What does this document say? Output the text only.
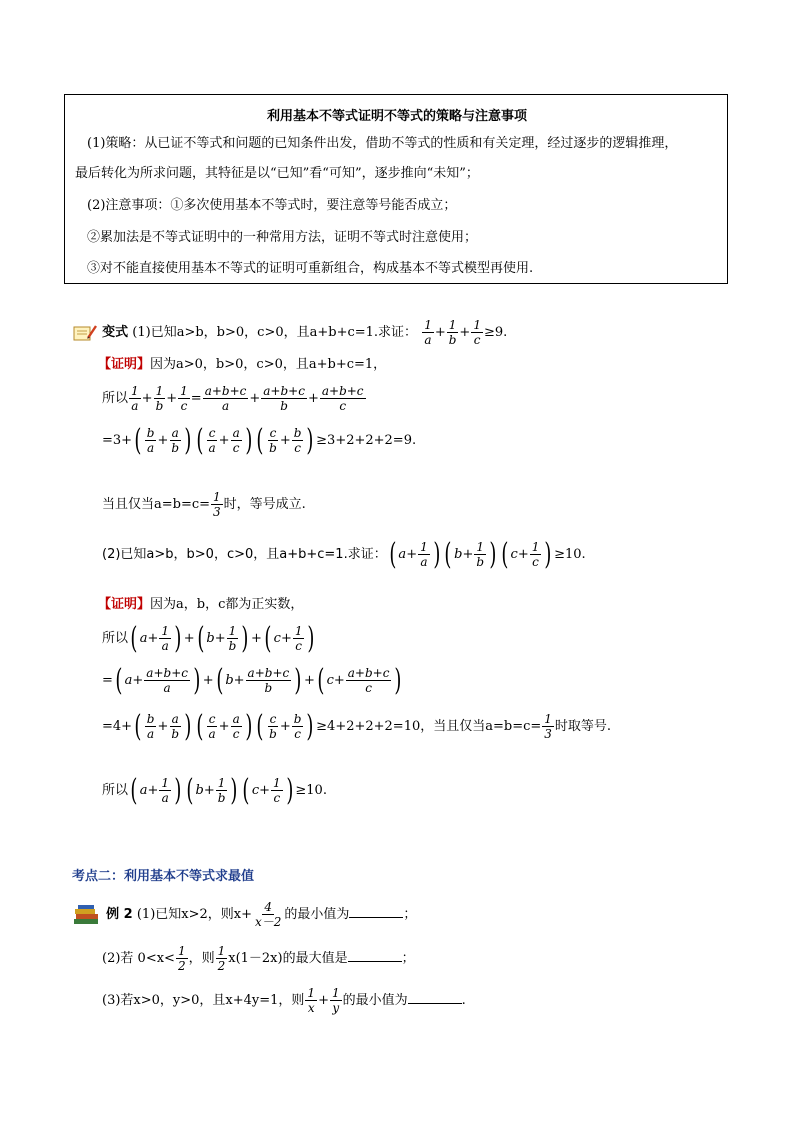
利用基本不等式证明不等式的策略与注意事项
(1)策略：从已证不等式和问题的已知条件出发，借助不等式的性质和有关定理，经过逐步的逻辑推理，
最后转化为所求问题，其特征是以“已知”看“可知”，逐步推向“未知”；
(2)注意事项：①多次使用基本不等式时，要注意等号能否成立；
②累加法是不等式证明中的一种常用方法，证明不等式时注意使用；
③对不能直接使用基本不等式的证明可重新组合，构成基本不等式模型再使用.
变式 (1)已知a>b，b>0，c>0，且a+b+c=1.求证： $\frac{1}{a} + \frac{1}{b} + \frac{1}{c} \ge 9$.
【证明】因为a>0，b>0，c>0，且a+b+c=1，
所以 $\frac{1}{a} + \frac{1}{b} + \frac{1}{c} = \frac{a+b+c}{a} + \frac{a+b+c}{b} + \frac{a+b+c}{c}$
$=3+( \frac{b}{a} + \frac{a}{b}$ ) ( $\frac{c}{a} + \frac{a}{c}$ ) ( $\frac{c}{b} + \frac{b}{c}$ ) ≥3+2+2+2=9.
当且仅当$a=b=c= \frac{1}{3}$ 时，等号成立.
(2)已知a>b，b>0，c>0，且a+b+c=1.求证：( $a+ \frac{1}{a}$ ) ( $b+ \frac{1}{b}$ ) ( $c+ \frac{1}{c}$ ) ≥10.
【证明】因为a，b，c都为正实数，
所以( $a+ \frac{1}{a}$ ) +( $b+ \frac{1}{b}$ ) +( $c+ \frac{1}{c}$ )
=( $a+ \frac{a+b+c}{a}$ ) +( $b+ \frac{a+b+c}{b}$ ) +( $c+ \frac{a+b+c}{c}$ )
$=4+( \frac{b}{a} + \frac{a}{b}$ ) ( $\frac{c}{a} + \frac{a}{c}$ ) ( $\frac{c}{b} + \frac{b}{c}$ ) ≥4+2+2+2=10，当且仅当$a=b=c= \frac{1}{3}$ 时取等号.
所以( $a+ \frac{1}{a}$ ) ( $b+ \frac{1}{b}$ ) ( $c+ \frac{1}{c}$ ) ≥10.
考点二：利用基本不等式求最值
例 2 (1)已知x>2，则$x+ \frac{4}{x-2}$ 的最小值为	；
(2)若 $0<x< \frac{1}{2}$ ，则 $\frac{1}{2} x(1-2x)$的最大值是	；
(3)若x>0，y>0，且x+4y=1，则 $\frac{1}{x} + \frac{1}{y}$ 的最小值为	.
